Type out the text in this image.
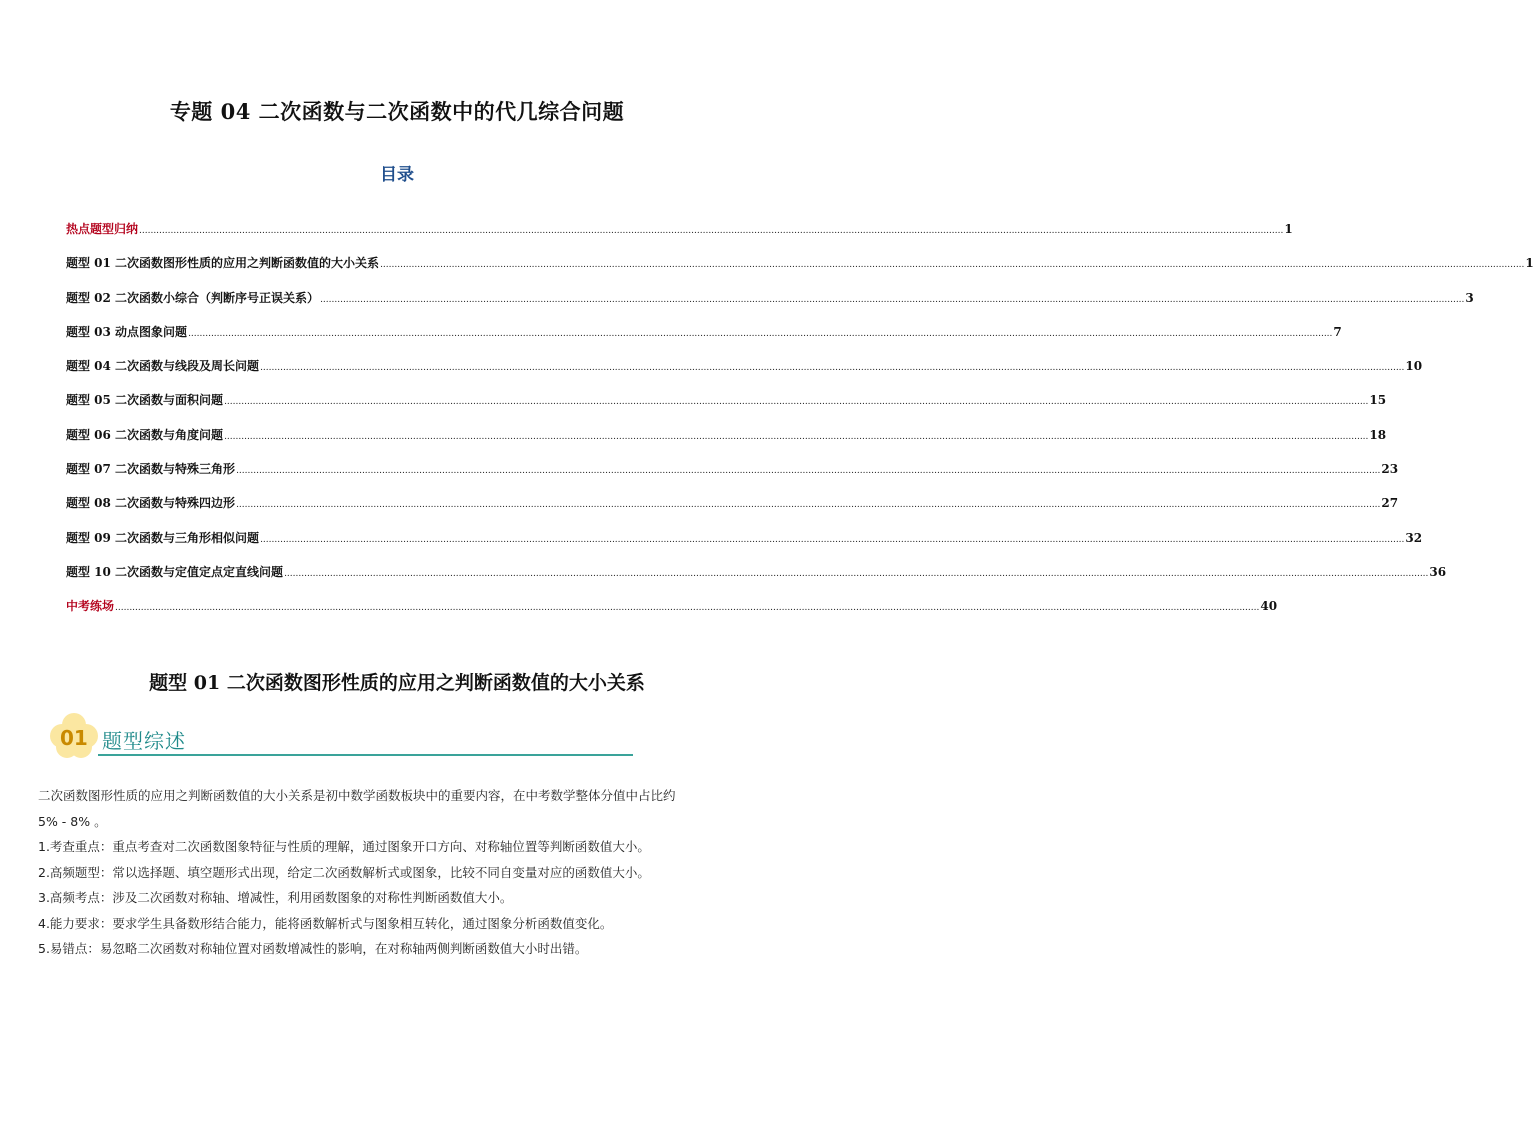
专题 04 二次函数与二次函数中的代几综合问题
目录
热点题型归纳 ................................................................................................................................................................................................................................................................................................................................................................................................................ 1
题型 01 二次函数图形性质的应用之判断函数值的大小关系 ................................................................................................................................................................................................................................................................................................................................................................................................................ 1
题型 02 二次函数小综合（判断序号正误关系） ................................................................................................................................................................................................................................................................................................................................................................................................................ 3
题型 03 动点图象问题 ................................................................................................................................................................................................................................................................................................................................................................................................................ 7
题型 04 二次函数与线段及周长问题 ................................................................................................................................................................................................................................................................................................................................................................................................................ 10
题型 05 二次函数与面积问题 ................................................................................................................................................................................................................................................................................................................................................................................................................ 15
题型 06 二次函数与角度问题 ................................................................................................................................................................................................................................................................................................................................................................................................................ 18
题型 07 二次函数与特殊三角形 ................................................................................................................................................................................................................................................................................................................................................................................................................ 23
题型 08 二次函数与特殊四边形 ................................................................................................................................................................................................................................................................................................................................................................................................................ 27
题型 09 二次函数与三角形相似问题 ................................................................................................................................................................................................................................................................................................................................................................................................................ 32
题型 10 二次函数与定值定点定直线问题 ................................................................................................................................................................................................................................................................................................................................................................................................................ 36
中考练场 ................................................................................................................................................................................................................................................................................................................................................................................................................ 40
题型 01 二次函数图形性质的应用之判断函数值的大小关系
01 题型综述

二次函数图形性质的应用之判断函数值的大小关系是初中数学函数板块中的重要内容，在中考数学整体分值中占比约

5% - 8% 。

1.考查重点：重点考查对二次函数图象特征与性质的理解，通过图象开口方向、对称轴位置等判断函数值大小。

2.高频题型：常以选择题、填空题形式出现，给定二次函数解析式或图象，比较不同自变量对应的函数值大小。

3.高频考点：涉及二次函数对称轴、增减性，利用函数图象的对称性判断函数值大小。

4.能力要求：要求学生具备数形结合能力，能将函数解析式与图象相互转化，通过图象分析函数值变化。

5.易错点：易忽略二次函数对称轴位置对函数增减性的影响，在对称轴两侧判断函数值大小时出错。
